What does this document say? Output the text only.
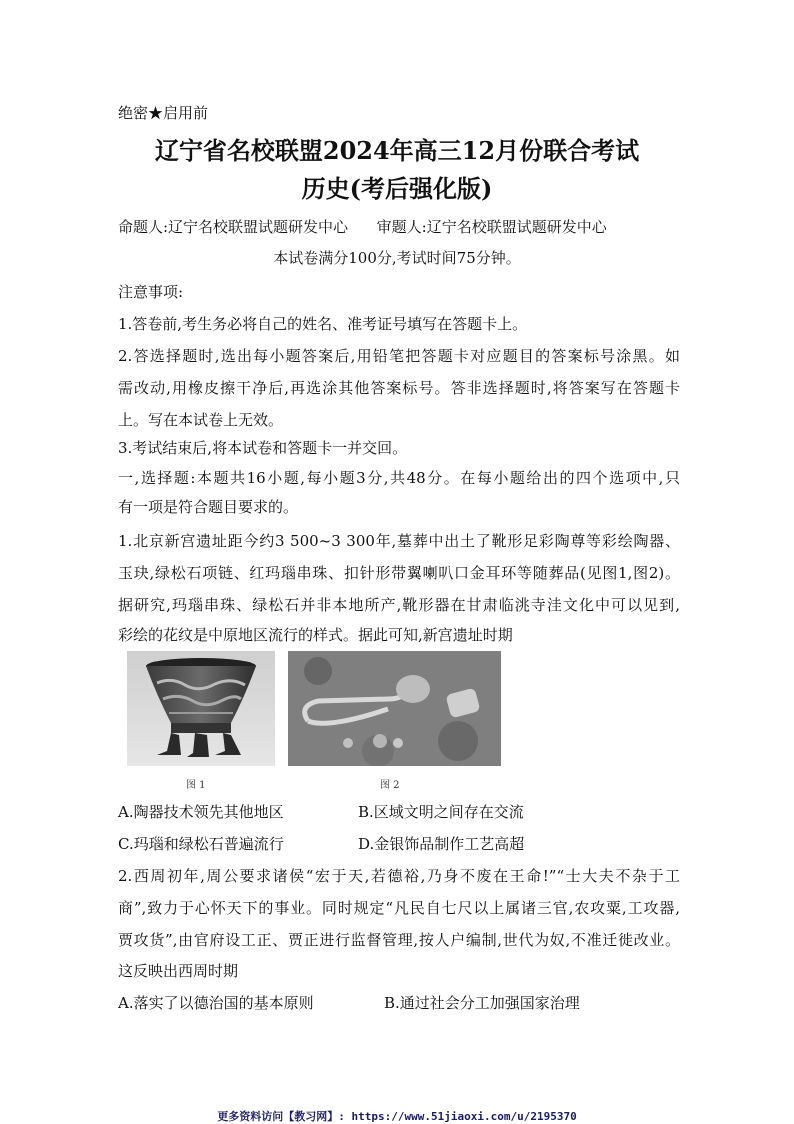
绝密★启用前
辽宁省名校联盟2024年高三12月份联合考试
历史(考后强化版)
命题人:辽宁名校联盟试题研发中心      审题人:辽宁名校联盟试题研发中心
本试卷满分100分,考试时间75分钟。
注意事项:
1.答卷前,考生务必将自己的姓名、准考证号填写在答题卡上。
2.答选择题时,选出每小题答案后,用铅笔把答题卡对应题目的答案标号涂黑。如
需改动,用橡皮擦干净后,再选涂其他答案标号。答非选择题时,将答案写在答题卡
上。写在本试卷上无效。
3.考试结束后,将本试卷和答题卡一并交回。
一,选择题:本题共16小题,每小题3分,共48分。在每小题给出的四个选项中,只
有一项是符合题目要求的。
1.北京新宫遗址距今约3 500~3 300年,墓葬中出土了靴形足彩陶尊等彩绘陶器、
玉玦,绿松石项链、红玛瑙串珠、扣针形带翼喇叭口金耳环等随葬品(见图1,图2)。
据研究,玛瑙串珠、绿松石并非本地所产,靴形器在甘肃临洮寺洼文化中可以见到,
彩绘的花纹是中原地区流行的样式。据此可知,新宫遗址时期
图 1	图 2
A.陶器技术领先其他地区	B.区域文明之间存在交流
C.玛瑙和绿松石普遍流行	D.金银饰品制作工艺高超
2.西周初年,周公要求诸侯“宏于天,若德裕,乃身不废在王命!”“士大夫不杂于工
商”,致力于心怀天下的事业。同时规定“凡民自七尺以上属诸三官,农攻粟,工攻器,
贾攻货”,由官府设工正、贾正进行监督管理,按人户编制,世代为奴,不准迁徙改业。
这反映出西周时期
A.落实了以德治国的基本原则	B.通过社会分工加强国家治理
更多资料访问【教习网】: https://www.51jiaoxi.com/u/2195370
